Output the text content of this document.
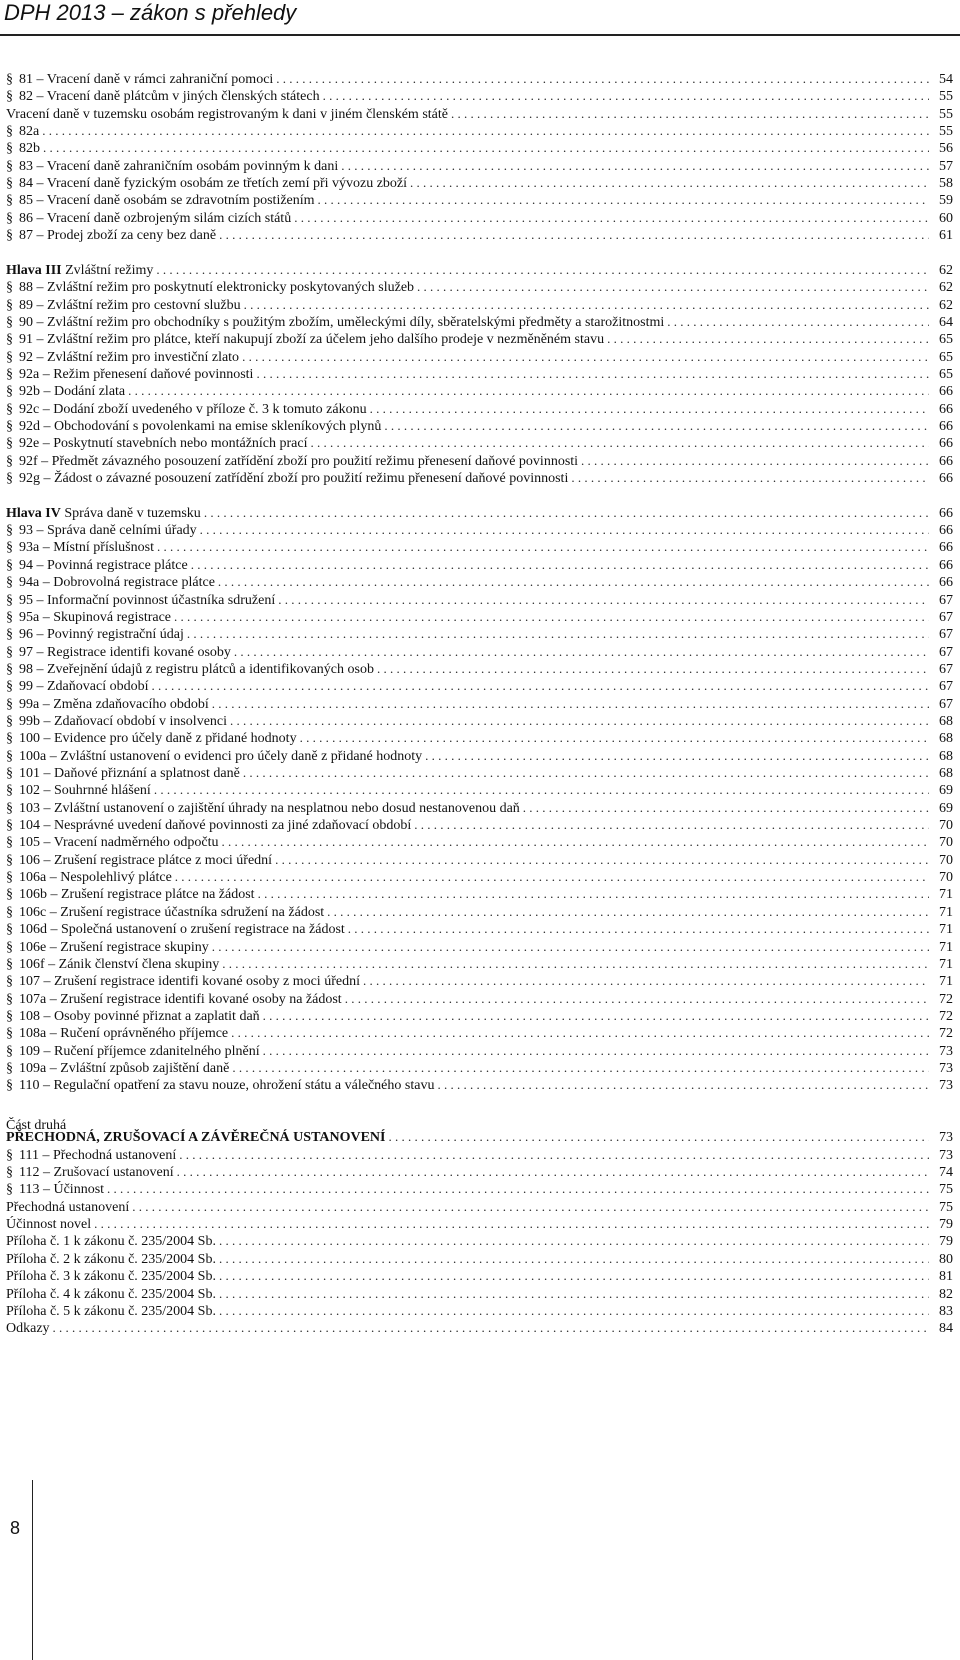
DPH 2013 – zákon s přehledy
§ 81 – Vracení daně v rámci zahraniční pomoci . . .	54
§ 82 – Vracení daně plátcům v jiných členských státech . . .	55
Vracení daně v tuzemsku osobám registrovaným k dani v jiném členském státě . . .	55
§ 82a . . .	55
§ 82b . . .	56
§ 83 – Vracení daně zahraničním osobám povinným k dani . . .	57
§ 84 – Vracení daně fyzickým osobám ze třetích zemí při vývozu zboží . . .	58
§ 85 – Vracení daně osobám se zdravotním postižením . . .	59
§ 86 – Vracení daně ozbrojeným silám cizích států . . .	60
§ 87 – Prodej zboží za ceny bez daně . . .	61
Hlava III Zvláštní režimy . . .	62
§ 88 – Zvláštní režim pro poskytnutí elektronicky poskytovaných služeb . . .	62
§ 89 – Zvláštní režim pro cestovní službu . . .	62
§ 90 – Zvláštní režim pro obchodníky s použitým zbožím, uměleckými díly, sběratelskými předměty a starožitnostmi . . .	64
§ 91 – Zvláštní režim pro plátce, kteří nakupují zboží za účelem jeho dalšího prodeje v nezměněném stavu . . .	65
§ 92 – Zvláštní režim pro investiční zlato . . .	65
§ 92a – Režim přenesení daňové povinnosti . . .	65
§ 92b – Dodání zlata . . .	66
§ 92c – Dodání zboží uvedeného v příloze č. 3 k tomuto zákonu . . .	66
§ 92d – Obchodování s povolenkami na emise skleníkových plynů . . .	66
§ 92e – Poskytnutí stavebních nebo montážních prací . . .	66
§ 92f – Předmět závazného posouzení zatřídění zboží pro použití režimu přenesení daňové povinnosti . . .	66
§ 92g – Žádost o závazné posouzení zatřídění zboží pro použití režimu přenesení daňové povinnosti . . .	66
Hlava IV Správa daně v tuzemsku . . .	66
§ 93 – Správa daně celními úřady . . .	66
§ 93a – Místní příslušnost . . .	66
§ 94 – Povinná registrace plátce . . .	66
§ 94a – Dobrovolná registrace plátce . . .	66
§ 95 – Informační povinnost účastníka sdružení . . .	67
§ 95a – Skupinová registrace . . .	67
§ 96 – Povinný registrační údaj . . .	67
§ 97 – Registrace identifi kované osoby . . .	67
§ 98 – Zveřejnění údajů z registru plátců a identifikovaných osob . . .	67
§ 99 – Zdaňovací období . . .	67
§ 99a – Změna zdaňovacího období . . .	67
§ 99b – Zdaňovací období v insolvenci . . .	68
§ 100 – Evidence pro účely daně z přidané hodnoty . . .	68
§ 100a – Zvláštní ustanovení o evidenci pro účely daně z přidané hodnoty . . .	68
§ 101 – Daňové přiznání a splatnost daně . . .	68
§ 102 – Souhrnné hlášení . . .	69
§ 103 – Zvláštní ustanovení o zajištění úhrady na nesplatnou nebo dosud nestanovenou daň . . .	69
§ 104 – Nesprávné uvedení daňové povinnosti za jiné zdaňovací období . . .	70
§ 105 – Vracení nadměrného odpočtu . . .	70
§ 106 – Zrušení registrace plátce z moci úřední . . .	70
§ 106a – Nespolehlivý plátce . . .	70
§ 106b – Zrušení registrace plátce na žádost . . .	71
§ 106c – Zrušení registrace účastníka sdružení na žádost . . .	71
§ 106d – Společná ustanovení o zrušení registrace na žádost . . .	71
§ 106e – Zrušení registrace skupiny . . .	71
§ 106f – Zánik členství člena skupiny . . .	71
§ 107 – Zrušení registrace identifi kované osoby z moci úřední . . .	71
§ 107a – Zrušení registrace identifi kované osoby na žádost . . .	72
§ 108 – Osoby povinné přiznat a zaplatit daň . . .	72
§ 108a – Ručení oprávněného příjemce . . .	72
§ 109 – Ručení příjemce zdanitelného plnění . . .	73
§ 109a – Zvláštní způsob zajištění daně . . .	73
§ 110 – Regulační opatření za stavu nouze, ohrožení státu a válečného stavu . . .	73
PŘECHODNÁ, ZRUŠOVACÍ A ZÁVĚREČNÁ USTANOVENÍ . . .	73
§ 111 – Přechodná ustanovení . . .	73
§ 112 – Zrušovací ustanovení . . .	74
§ 113 – Účinnost . . .	75
Přechodná ustanovení . . .	75
Účinnost novel . . .	79
Příloha č. 1 k zákonu č. 235/2004 Sb. . . .	79
Příloha č. 2 k zákonu č. 235/2004 Sb. . . .	80
Příloha č. 3 k zákonu č. 235/2004 Sb. . . .	81
Příloha č. 4 k zákonu č. 235/2004 Sb. . . .	82
Příloha č. 5 k zákonu č. 235/2004 Sb. . . .	83
Odkazy . . .	84
Část druhá
8
